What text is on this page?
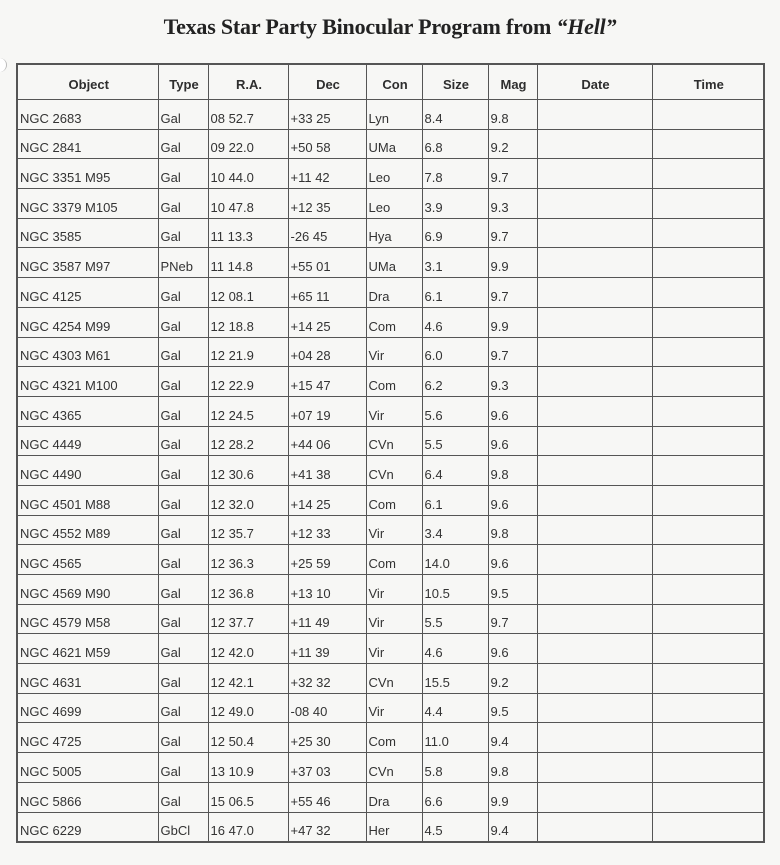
Texas Star Party Binocular Program from “Hell”
Object	Type	R.A.	Dec	Con	Size	Mag	Date	Time
NGC 2683	Gal	08 52.7	+33 25	Lyn	8.4	9.8		
NGC 2841	Gal	09 22.0	+50 58	UMa	6.8	9.2		
NGC 3351 M95	Gal	10 44.0	+11 42	Leo	7.8	9.7		
NGC 3379 M105	Gal	10 47.8	+12 35	Leo	3.9	9.3		
NGC 3585	Gal	11 13.3	-26 45	Hya	6.9	9.7		
NGC 3587 M97	PNeb	11 14.8	+55 01	UMa	3.1	9.9		
NGC 4125	Gal	12 08.1	+65 11	Dra	6.1	9.7		
NGC 4254 M99	Gal	12 18.8	+14 25	Com	4.6	9.9		
NGC 4303 M61	Gal	12 21.9	+04 28	Vir	6.0	9.7		
NGC 4321 M100	Gal	12 22.9	+15 47	Com	6.2	9.3		
NGC 4365	Gal	12 24.5	+07 19	Vir	5.6	9.6		
NGC 4449	Gal	12 28.2	+44 06	CVn	5.5	9.6		
NGC 4490	Gal	12 30.6	+41 38	CVn	6.4	9.8		
NGC 4501 M88	Gal	12 32.0	+14 25	Com	6.1	9.6		
NGC 4552 M89	Gal	12 35.7	+12 33	Vir	3.4	9.8		
NGC 4565	Gal	12 36.3	+25 59	Com	14.0	9.6		
NGC 4569 M90	Gal	12 36.8	+13 10	Vir	10.5	9.5		
NGC 4579 M58	Gal	12 37.7	+11 49	Vir	5.5	9.7		
NGC 4621 M59	Gal	12 42.0	+11 39	Vir	4.6	9.6		
NGC 4631	Gal	12 42.1	+32 32	CVn	15.5	9.2		
NGC 4699	Gal	12 49.0	-08 40	Vir	4.4	9.5		
NGC 4725	Gal	12 50.4	+25 30	Com	11.0	9.4		
NGC 5005	Gal	13 10.9	+37 03	CVn	5.8	9.8		
NGC 5866	Gal	15 06.5	+55 46	Dra	6.6	9.9		
NGC 6229	GbCl	16 47.0	+47 32	Her	4.5	9.4		
